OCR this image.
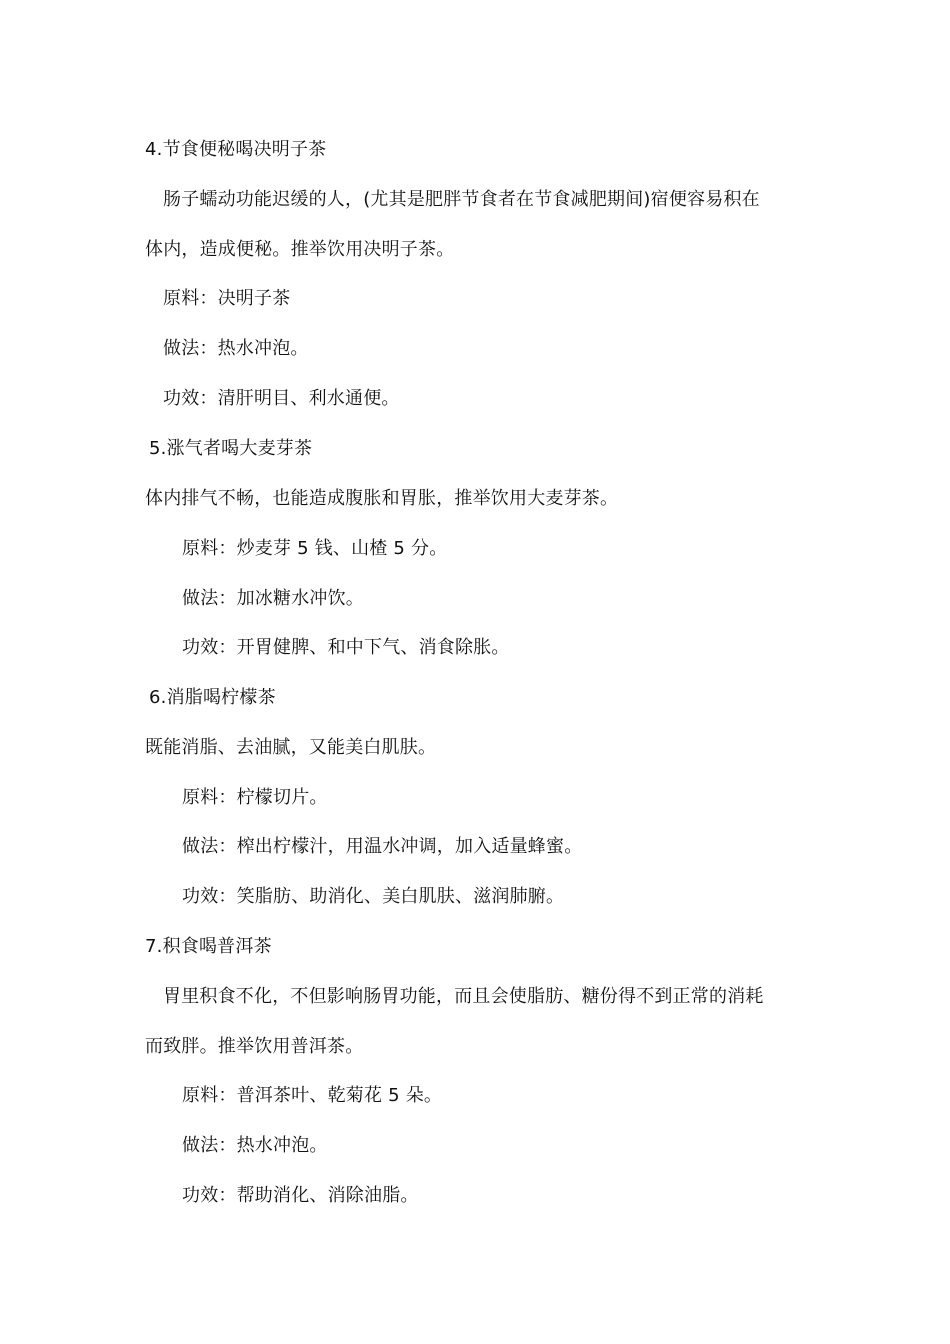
4.节食便秘喝决明子茶
肠子蠕动功能迟缓的人，(尤其是肥胖节食者在节食减肥期间)宿便容易积在
体内，造成便秘。推举饮用决明子茶。
原料：决明子茶
做法：热水冲泡。
功效：清肝明目、利水通便。
5.涨气者喝大麦芽茶
体内排气不畅，也能造成腹胀和胃胀，推举饮用大麦芽茶。
原料：炒麦芽 5 钱、山楂 5 分。
做法：加冰糖水冲饮。
功效：开胃健脾、和中下气、消食除胀。
6.消脂喝柠檬茶
既能消脂、去油腻，又能美白肌肤。
原料：柠檬切片。
做法：榨出柠檬汁，用温水冲调，加入适量蜂蜜。
功效：笑脂肪、助消化、美白肌肤、滋润肺腑。
7.积食喝普洱茶
胃里积食不化，不但影响肠胃功能，而且会使脂肪、糖份得不到正常的消耗
而致胖。推举饮用普洱茶。
原料：普洱茶叶、乾菊花 5 朵。
做法：热水冲泡。
功效：帮助消化、消除油脂。
